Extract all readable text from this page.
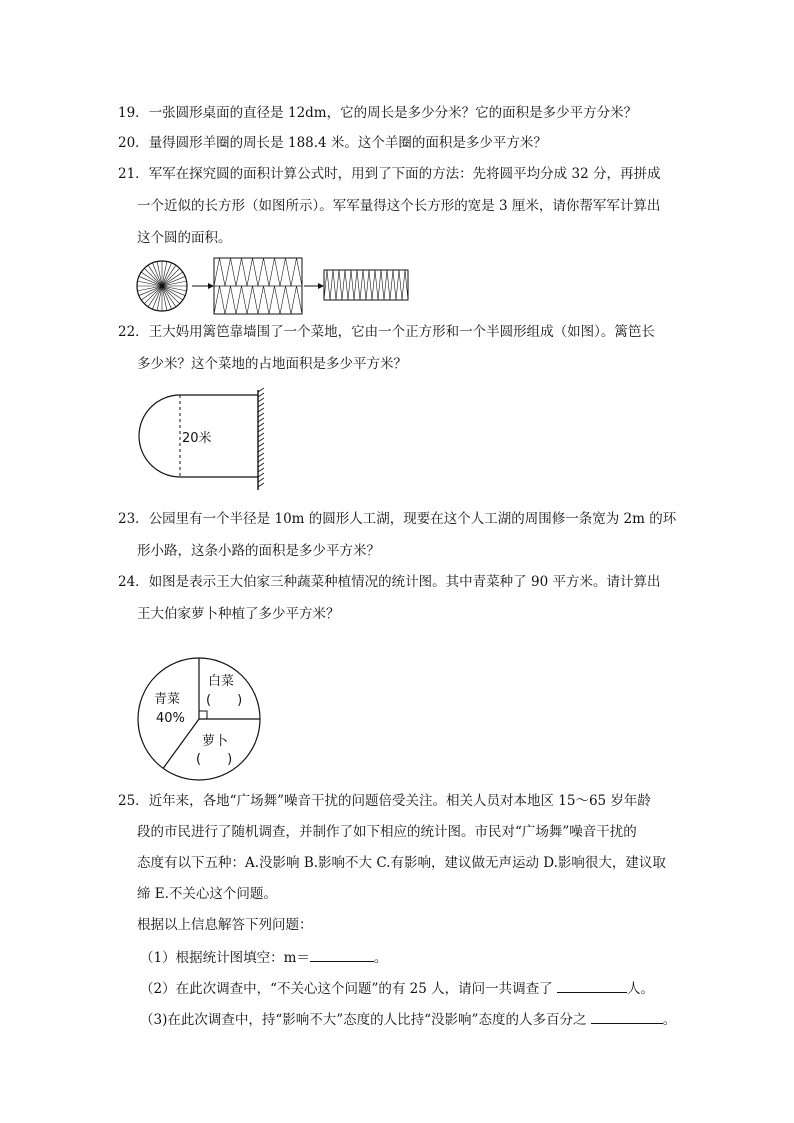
19．一张圆形桌面的直径是 12dm，它的周长是多少分米？它的面积是多少平方分米？
20．量得圆形羊圈的周长是 188.4 米。这个羊圈的面积是多少平方米？
21．军军在探究圆的面积计算公式时，用到了下面的方法：先将圆平均分成 32 分，再拼成
一个近似的长方形（如图所示）。军军量得这个长方形的宽是 3 厘米，请你帮军军计算出
这个圆的面积。
22．王大妈用篱笆靠墙围了一个菜地，它由一个正方形和一个半圆形组成（如图）。篱笆长
多少米？这个菜地的占地面积是多少平方米？
20米
23．公园里有一个半径是 10m 的圆形人工湖，现要在这个人工湖的周围修一条宽为 2m 的环
形小路，这条小路的面积是多少平方米？
24．如图是表示王大伯家三种蔬菜种植情况的统计图。其中青菜种了 90 平方米。请计算出
王大伯家萝卜种植了多少平方米？
青菜
40%
白菜
(　　)
萝卜
(　　)
25．近年来，各地“广场舞”噪音干扰的问题倍受关注。相关人员对本地区 15～65 岁年龄
段的市民进行了随机调查，并制作了如下相应的统计图。市民对“广场舞”噪音干扰的
态度有以下五种：A.没影响 B.影响不大 C.有影响，建议做无声运动 D.影响很大，建议取
缔 E.不关心这个问题。
根据以上信息解答下列问题：
（1）根据统计图填空：m＝	。
（2）在此次调查中，“不关心这个问题”的有 25 人，请问一共调查了	人。
（3)在此次调查中，持“影响不大”态度的人比持“没影响”态度的人多百分之	。
